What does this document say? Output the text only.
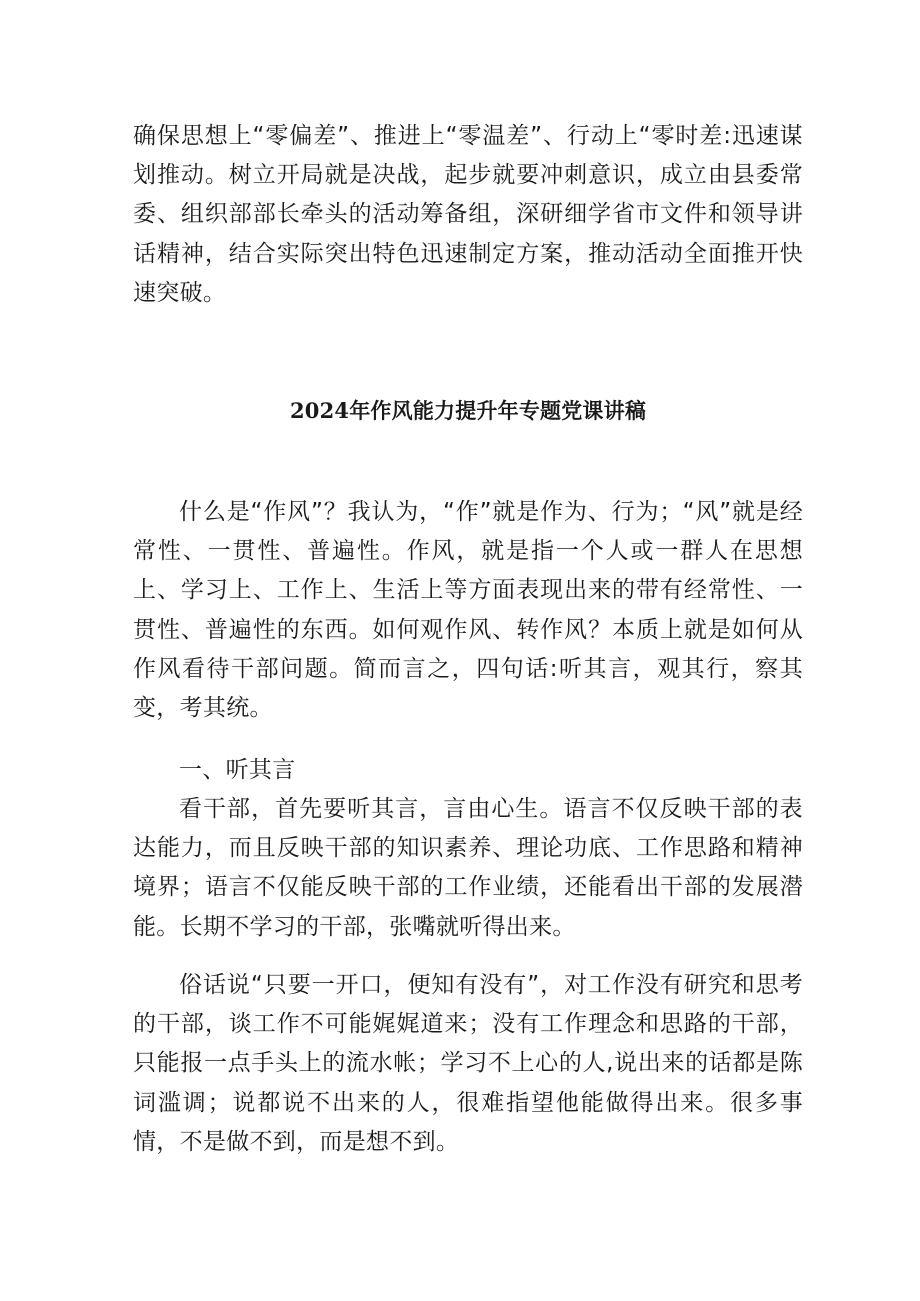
确保思想上“零偏差”、推进上“零温差”、行动上“零时差:迅速谋划推动。树立开局就是决战，起步就要冲刺意识，成立由县委常委、组织部部长牵头的活动筹备组，深研细学省市文件和领导讲话精神，结合实际突出特色迅速制定方案，推动活动全面推开快速突破。

2024年作风能力提升年专题党课讲稿

什么是“作风”？我认为，“作”就是作为、行为；“风”就是经常性、一贯性、普遍性。作风，就是指一个人或一群人在思想上、学习上、工作上、生活上等方面表现出来的带有经常性、一贯性、普遍性的东西。如何观作风、转作风？本质上就是如何从作风看待干部问题。简而言之，四句话:听其言，观其行，察其变，考其统。

一、听其言

看干部，首先要听其言，言由心生。语言不仅反映干部的表达能力，而且反映干部的知识素养、理论功底、工作思路和精神境界；语言不仅能反映干部的工作业绩，还能看出干部的发展潜能。长期不学习的干部，张嘴就听得出来。

俗话说“只要一开口，便知有没有”，对工作没有研究和思考的干部，谈工作不可能娓娓道来；没有工作理念和思路的干部，只能报一点手头上的流水帐；学习不上心的人,说出来的话都是陈词滥调；说都说不出来的人，很难指望他能做得出来。很多事情，不是做不到，而是想不到。
